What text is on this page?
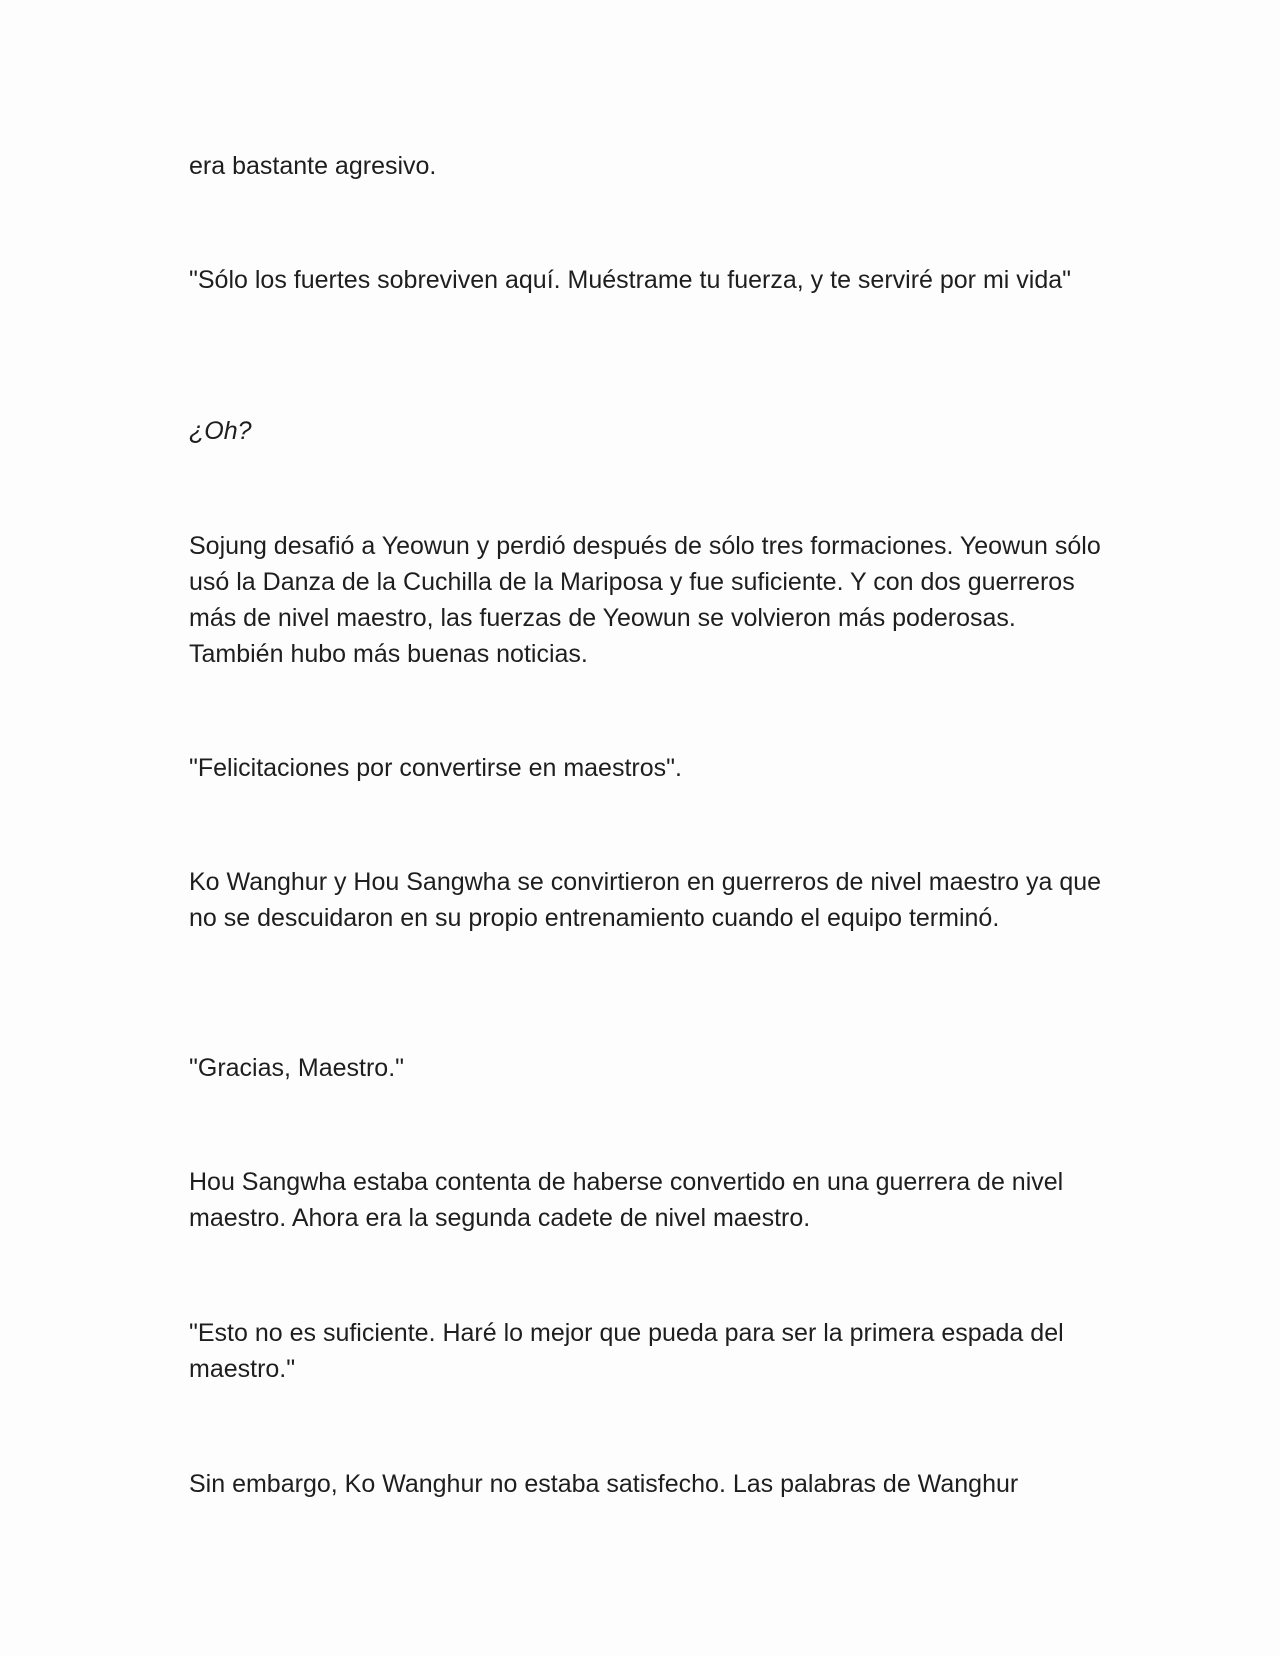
era bastante agresivo.

"Sólo los fuertes sobreviven aquí. Muéstrame tu fuerza, y te serviré por mi vida"

¿Oh?

Sojung desafió a Yeowun y perdió después de sólo tres formaciones. Yeowun sólo usó la Danza de la Cuchilla de la Mariposa y fue suficiente. Y con dos guerreros más de nivel maestro, las fuerzas de Yeowun se volvieron más poderosas. También hubo más buenas noticias.

"Felicitaciones por convertirse en maestros".

Ko Wanghur y Hou Sangwha se convirtieron en guerreros de nivel maestro ya que no se descuidaron en su propio entrenamiento cuando el equipo terminó.

"Gracias, Maestro."

Hou Sangwha estaba contenta de haberse convertido en una guerrera de nivel maestro. Ahora era la segunda cadete de nivel maestro.

"Esto no es suficiente. Haré lo mejor que pueda para ser la primera espada del maestro."

Sin embargo, Ko Wanghur no estaba satisfecho. Las palabras de Wanghur
